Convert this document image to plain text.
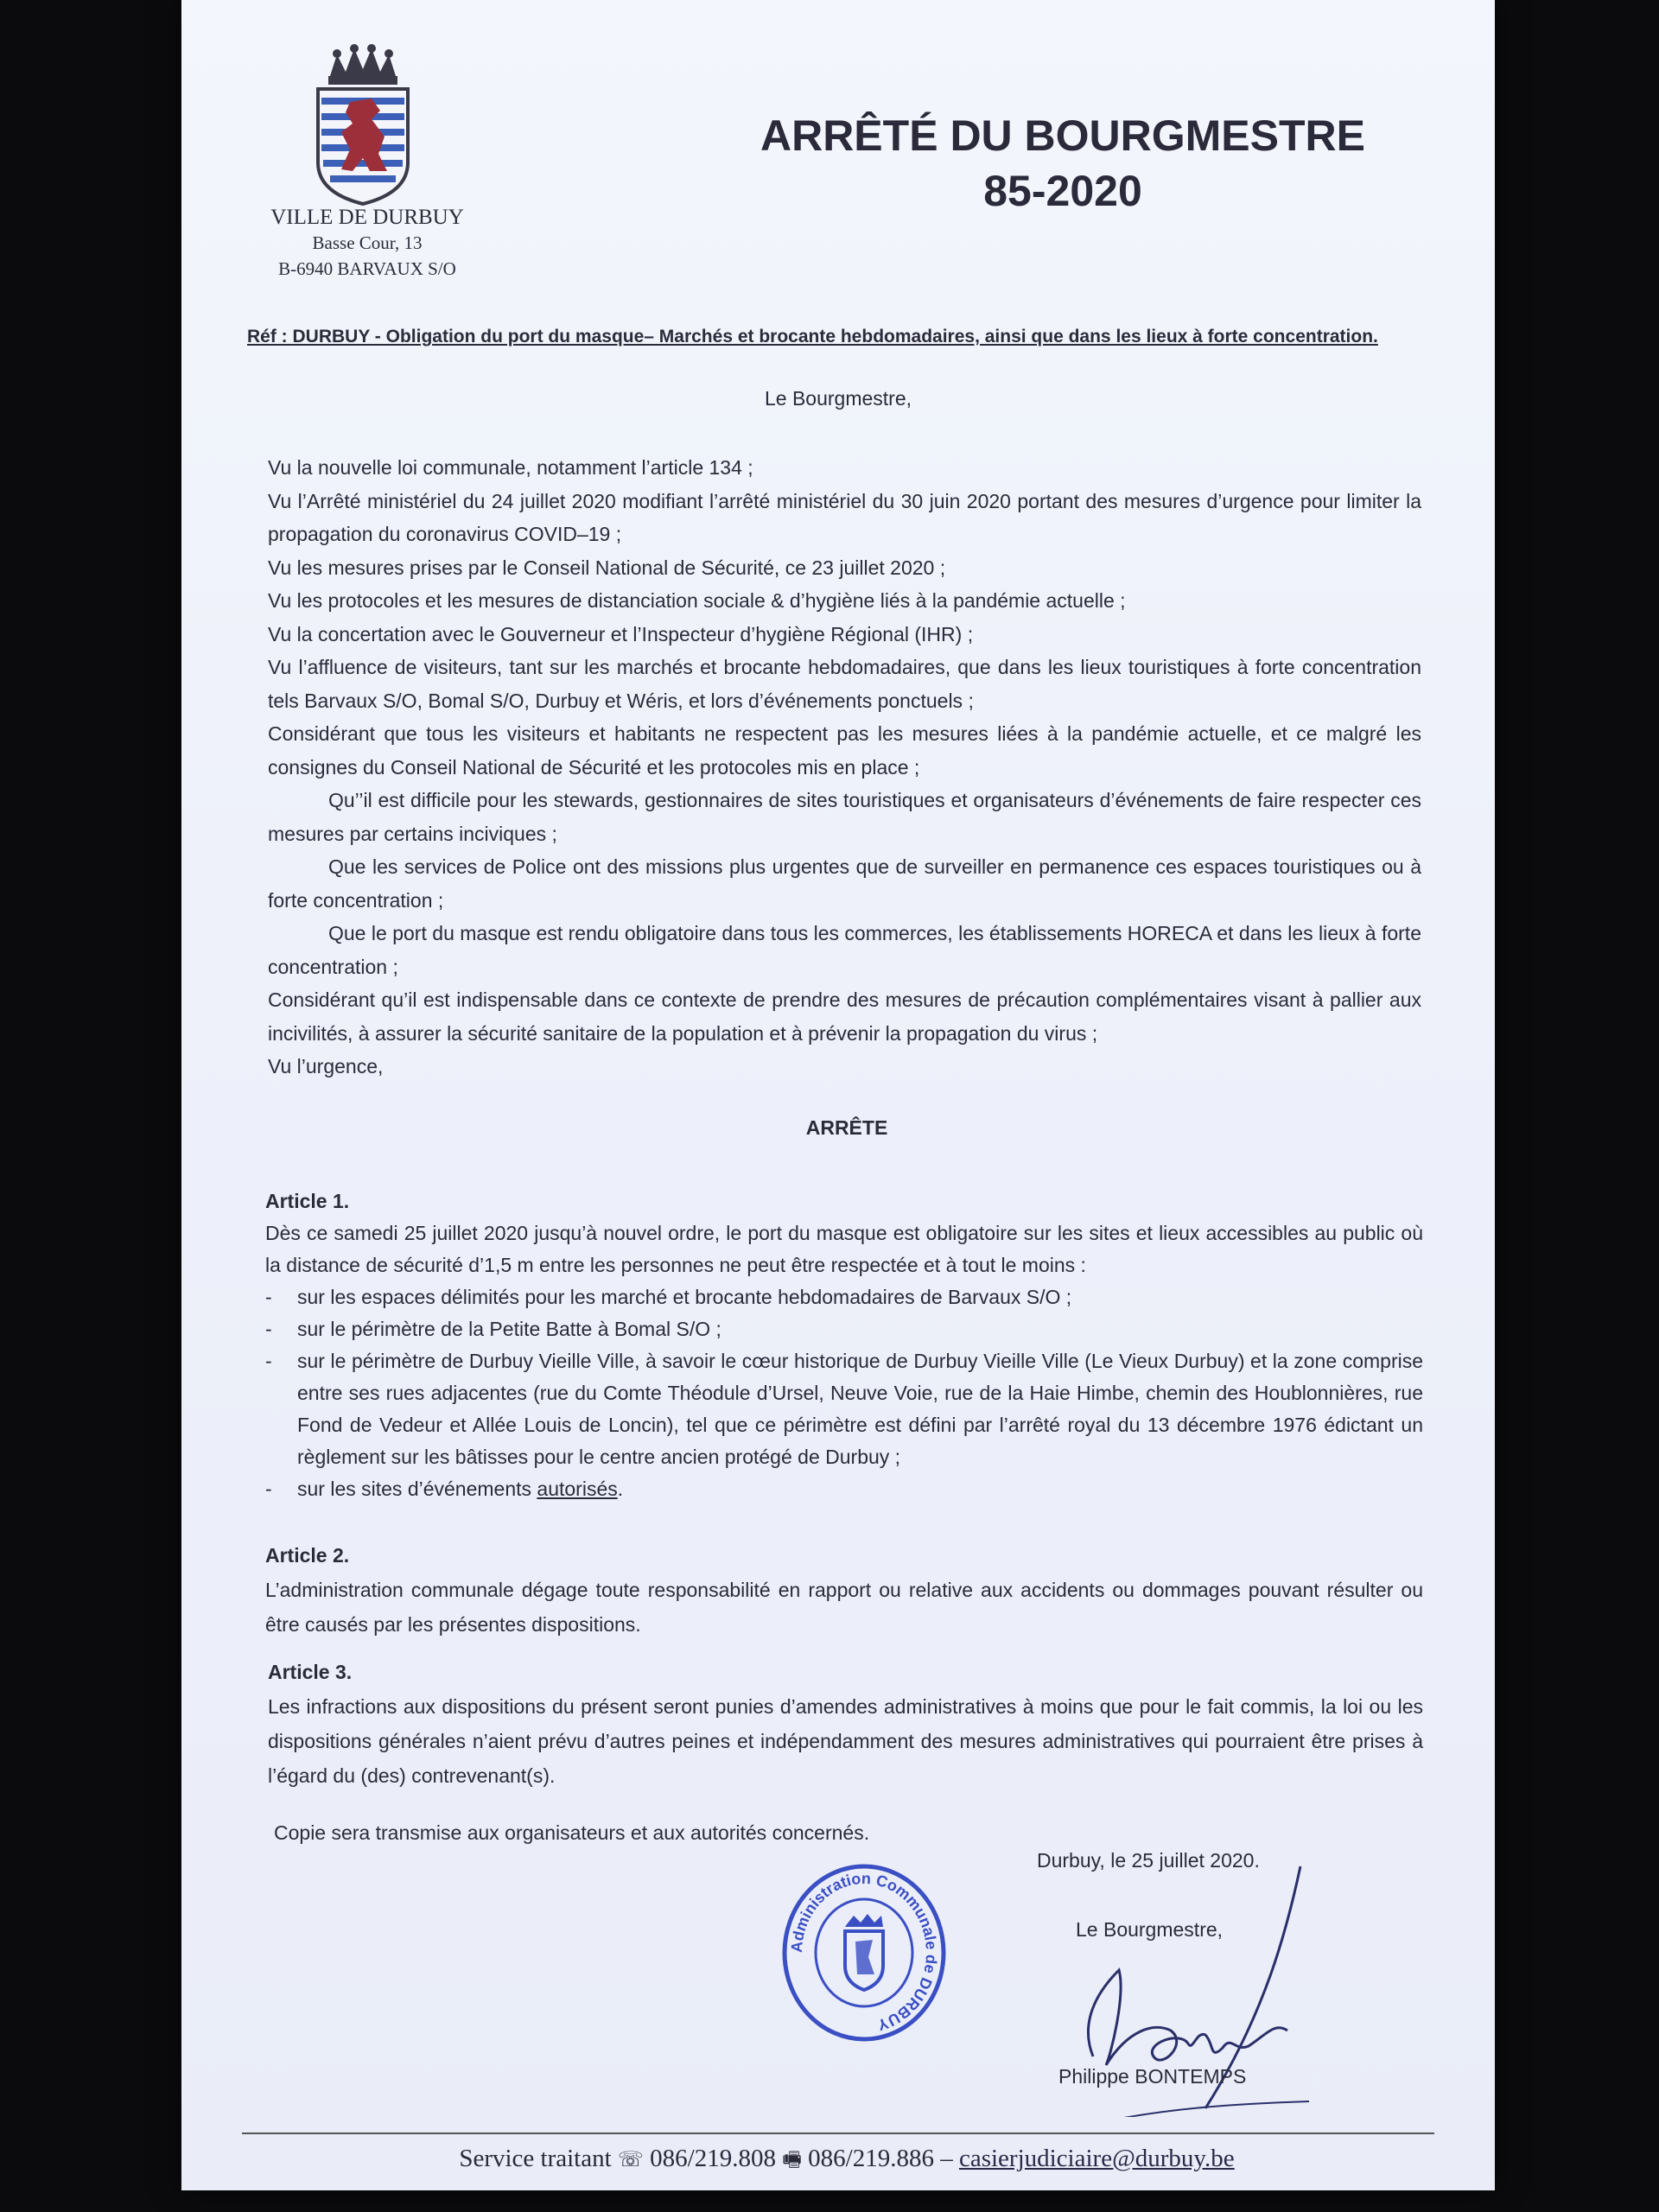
VILLE DE DURBUY
Basse Cour, 13
B-6940 BARVAUX S/O
ARRÊTÉ DU BOURGMESTRE
85-2020
Réf : DURBUY - Obligation du port du masque– Marchés et brocante hebdomadaires, ainsi que dans les lieux à forte concentration.
Le Bourgmestre,

Vu la nouvelle loi communale, notamment l’article 134 ;

Vu l’Arrêté ministériel du 24 juillet 2020 modifiant l’arrêté ministériel du 30 juin 2020 portant des mesures d’urgence pour limiter la propagation du coronavirus COVID–19 ;

Vu les mesures prises par le Conseil National de Sécurité, ce 23 juillet 2020 ;

Vu les protocoles et les mesures de distanciation sociale & d’hygiène liés à la pandémie actuelle ;

Vu la concertation avec le Gouverneur et l’Inspecteur d’hygiène Régional (IHR) ;

Vu l’affluence de visiteurs, tant sur les marchés et brocante hebdomadaires, que dans les lieux touristiques à forte concentration tels Barvaux S/O, Bomal S/O, Durbuy et Wéris, et lors d’événements ponctuels ;

Considérant que tous les visiteurs et habitants ne respectent pas les mesures liées à la pandémie actuelle, et ce malgré les consignes du Conseil National de Sécurité et les protocoles mis en place ;

Qu’’il est difficile pour les stewards, gestionnaires de sites touristiques et organisateurs d’événements de faire respecter ces mesures par certains inciviques ;

Que les services de Police ont des missions plus urgentes que de surveiller en permanence ces espaces touristiques ou à forte concentration ;

Que le port du masque est rendu obligatoire dans tous les commerces, les établissements HORECA et dans les lieux à forte concentration ;

Considérant qu’il est indispensable dans ce contexte de prendre des mesures de précaution complémentaires visant à pallier aux incivilités, à assurer la sécurité sanitaire de la population et à prévenir la propagation du virus ;

Vu l’urgence,

ARRÊTE

Article 1.

Dès ce samedi 25 juillet 2020 jusqu’à nouvel ordre, le port du masque est obligatoire sur les sites et lieux accessibles au public où la distance de sécurité d’1,5 m entre les personnes ne peut être respectée et à tout le moins :

- sur les espaces délimités pour les marché et brocante hebdomadaires de Barvaux S/O ;
- sur le périmètre de la Petite Batte à Bomal S/O ;
- sur le périmètre de Durbuy Vieille Ville, à savoir le cœur historique de Durbuy Vieille Ville (Le Vieux Durbuy) et la zone comprise entre ses rues adjacentes (rue du Comte Théodule d’Ursel, Neuve Voie, rue de la Haie Himbe, chemin des Houblonnières, rue Fond de Vedeur et Allée Louis de Loncin), tel que ce périmètre est défini par l’arrêté royal du 13 décembre 1976 édictant un règlement sur les bâtisses pour le centre ancien protégé de Durbuy ;
- sur les sites d’événements autorisés.

Article 2.

L’administration communale dégage toute responsabilité en rapport ou relative aux accidents ou dommages pouvant résulter ou être causés par les présentes dispositions.

Article 3.

Les infractions aux dispositions du présent seront punies d’amendes administratives à moins que pour le fait commis, la loi ou les dispositions générales n’aient prévu d’autres peines et indépendamment des mesures administratives qui pourraient être prises à l’égard du (des) contrevenant(s).

Copie sera transmise aux organisateurs et aux autorités concernés.
Durbuy, le 25 juillet 2020.
Administration Communale de DURBUY
Le Bourgmestre,
Philippe BONTEMPS
Service traitant ☏ 086/219.808 🖷 086/219.886 – casierjudiciaire@durbuy.be
